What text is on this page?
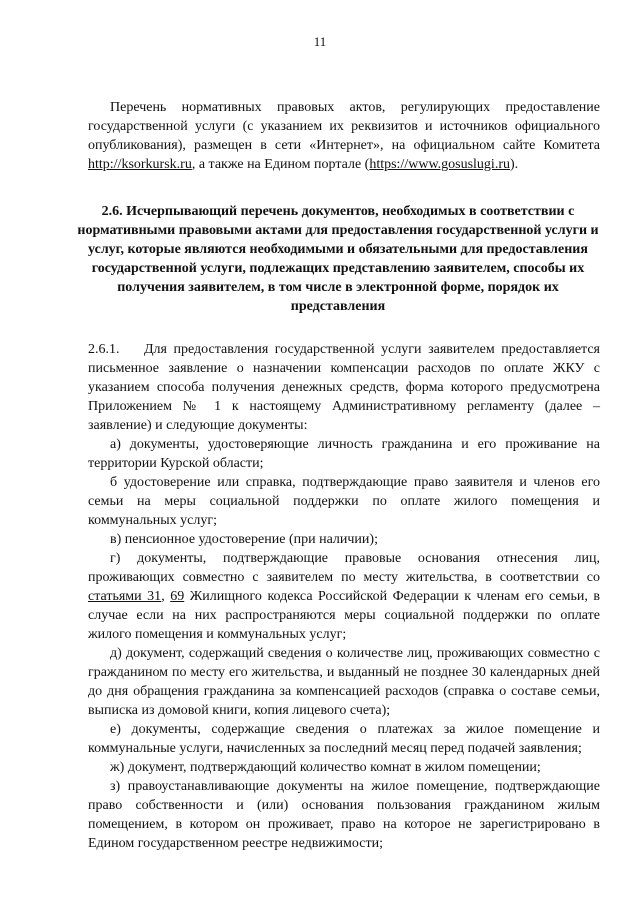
11

Перечень нормативных правовых актов, регулирующих предоставление государственной услуги (с указанием их реквизитов и источников официального опубликования), размещен в сети «Интернет», на официальном сайте Комитета http://ksorkursk.ru, а также на Едином портале (https://www.gosuslugi.ru).

2.6. Исчерпывающий перечень документов, необходимых в соответствии с нормативными правовыми актами для предоставления государственной услуги и услуг, которые являются необходимыми и обязательными для предоставления государственной услуги, подлежащих представлению заявителем, способы их получения заявителем, в том числе в электронной форме, порядок их представления

2.6.1. Для предоставления государственной услуги заявителем предоставляется письменное заявление о назначении компенсации расходов по оплате ЖКУ с указанием способа получения денежных средств, форма которого предусмотрена Приложением № 1 к настоящему Административному регламенту (далее – заявление) и следующие документы:

а) документы, удостоверяющие личность гражданина и его проживание на территории Курской области;

б удостоверение или справка, подтверждающие право заявителя и членов его семьи на меры социальной поддержки по оплате жилого помещения и коммунальных услуг;

в) пенсионное удостоверение (при наличии);

г) документы, подтверждающие правовые основания отнесения лиц, проживающих совместно с заявителем по месту жительства, в соответствии со статьями 31, 69 Жилищного кодекса Российской Федерации к членам его семьи, в случае если на них распространяются меры социальной поддержки по оплате жилого помещения и коммунальных услуг;

д) документ, содержащий сведения о количестве лиц, проживающих совместно с гражданином по месту его жительства, и выданный не позднее 30 календарных дней до дня обращения гражданина за компенсацией расходов (справка о составе семьи, выписка из домовой книги, копия лицевого счета);

е) документы, содержащие сведения о платежах за жилое помещение и коммунальные услуги, начисленных за последний месяц перед подачей заявления;

ж) документ, подтверждающий количество комнат в жилом помещении;

з) правоустанавливающие документы на жилое помещение, подтверждающие право собственности и (или) основания пользования гражданином жилым помещением, в котором он проживает, право на которое не зарегистрировано в Едином государственном реестре недвижимости;
